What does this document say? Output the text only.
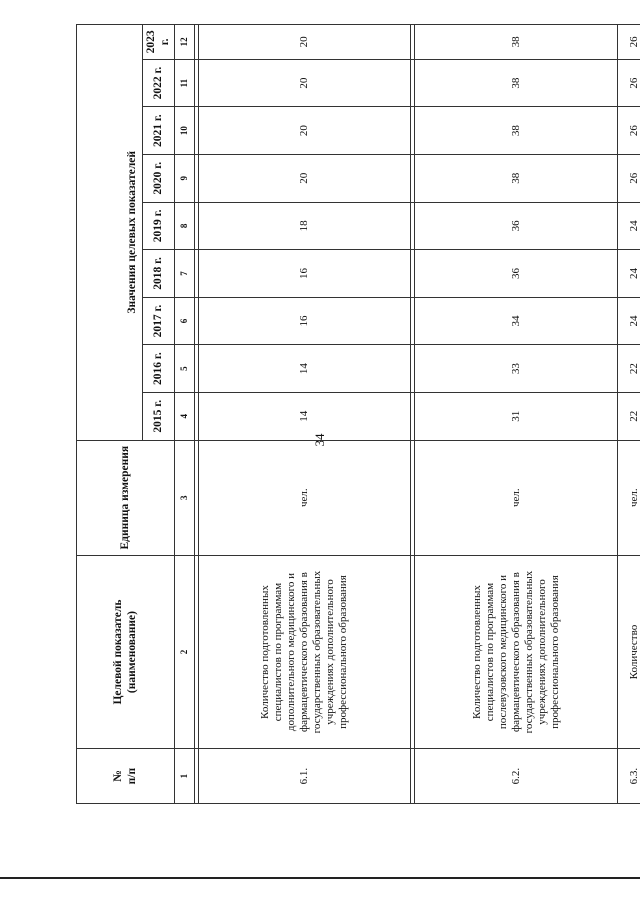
34
№
п/п	Целевой показатель
(наименование)	Единица измерения	Значения целевых показателей								
			2015 г.	2016 г.	2017 г.	2018 г.	2019 г.	2020 г.	2021 г.	2022 г.	2023 г.
1	2	3	4	5	6	7	8	9	10	11	12

6.1.	Количество подготовленных специалистов по программам дополнительного медицинского и фармацевтического образования в государственных образовательных учреждениях дополнительного профессионального образования	чел.	14	14	16	16	18	20	20	20	20

6.2.	Количество подготовленных специалистов по программам послевузовского медицинского и фармацевтического образования в государственных образовательных учреждениях дополнительного профессионального образования	чел.	31	33	34	36	36	38	38	38	38
6.3.	Количество	чел.	22	22	24	24	24	26	26	26	26
